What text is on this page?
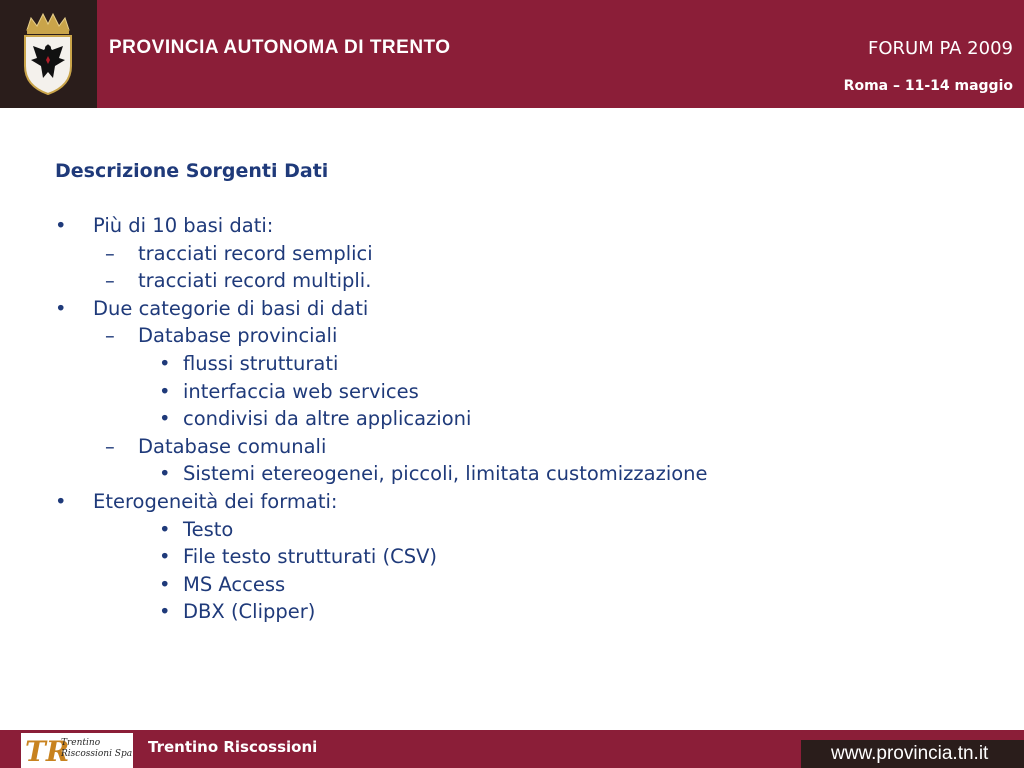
PROVINCIA AUTONOMA DI TRENTO	FORUM PA 2009
Roma – 11-14 maggio
Descrizione Sorgenti Dati
• Più di 10 basi dati:
– tracciati record semplici
– tracciati record multipli.
• Due categorie di basi di dati
– Database provinciali
• flussi strutturati
• interfaccia web services
• condivisi da altre applicazioni
– Database comunali
• Sistemi etereogenei, piccoli, limitata customizzazione
• Eterogeneità dei formati:
• Testo
• File testo strutturati (CSV)
• MS Access
• DBX (Clipper)
TR
Trentino
Riscossioni Spa Trentino Riscossioni	www.provincia.tn.it
